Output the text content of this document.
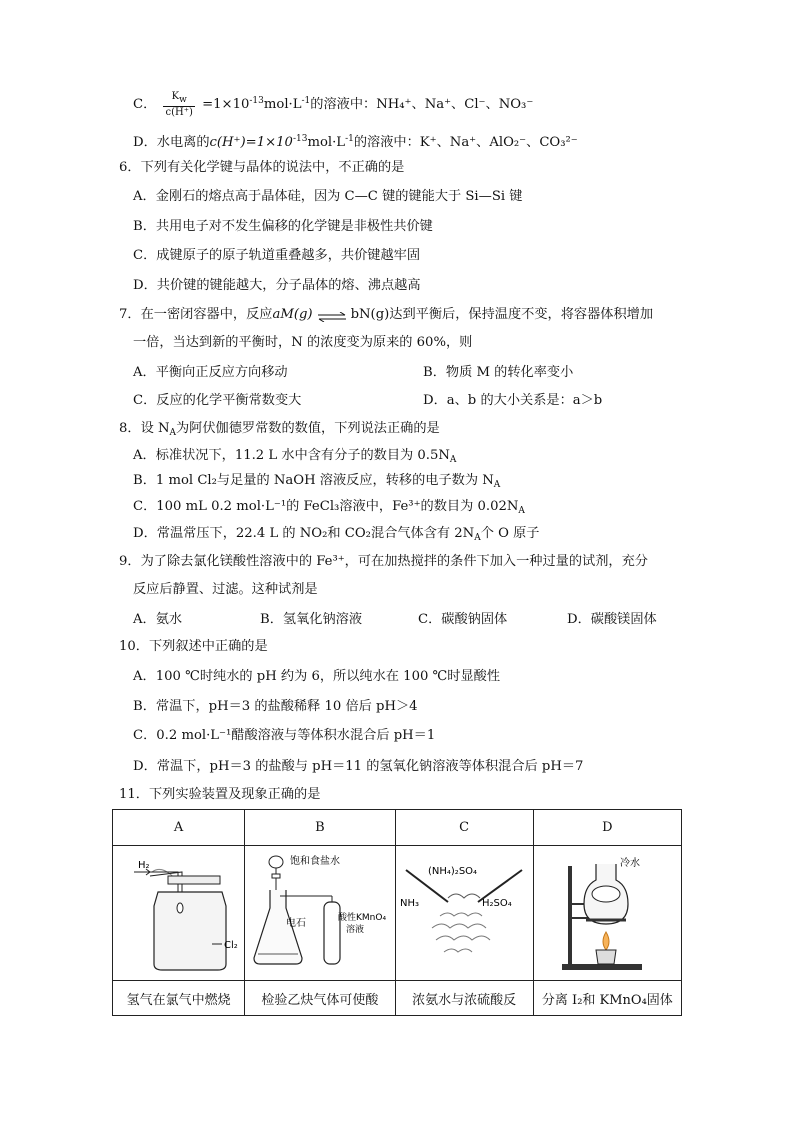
C． $\frac{Kw}{c(H^+)} =1\times 10^{-13}mol\cdot L^{-1}$的溶液中：NH₄⁺、Na⁺、Cl⁻、NO₃⁻
D．水电离的$c(H^+)=1\times 10^{-13}mol\cdot L^{-1}$的溶液中：K⁺、Na⁺、AlO₂⁻、CO₃²⁻
6．下列有关化学键与晶体的说法中，不正确的是
A．金刚石的熔点高于晶体硅，因为 C—C 键的键能大于 Si—Si 键
B．共用电子对不发生偏移的化学键是非极性共价键
C．成键原子的原子轨道重叠越多，共价键越牢固
D．共价键的键能越大，分子晶体的熔、沸点越高
7．在一密闭容器中，反应aM(g) ⇌ bN(g)达到平衡后，保持温度不变，将容器体积增加
一倍，当达到新的平衡时，N 的浓度变为原来的 60%，则
A．平衡向正反应方向移动	B．物质 M 的转化率变小
C．反应的化学平衡常数变大	D．a、b 的大小关系是：a＞b
8．设 $N_A$为阿伏伽德罗常数的数值，下列说法正确的是
A．标准状况下，11.2 L 水中含有分子的数目为 $0.5N_A$
B．1 mol Cl₂与足量的 NaOH 溶液反应，转移的电子数为 $N_A$
C．100 mL 0.2 mol·L⁻¹的 FeCl₃溶液中，Fe³⁺的数目为 $0.02N_A$
D．常温常压下，22.4 L 的 NO₂和 CO₂混合气体含有 $2N_A$个 O 原子
9．为了除去氯化镁酸性溶液中的 Fe³⁺，可在加热搅拌的条件下加入一种过量的试剂，充分
反应后静置、过滤。这种试剂是
A．氨水	B．氢氧化钠溶液	C．碳酸钠固体	D．碳酸镁固体
10．下列叙述中正确的是
A．100 ℃时纯水的 pH 约为 6，所以纯水在 100 ℃时显酸性
B．常温下，pH＝3 的盐酸稀释 10 倍后 pH＞4
C．0.2 mol·L⁻¹醋酸溶液与等体积水混合后 pH＝1
D．常温下，pH＝3 的盐酸与 pH＝11 的氢氧化钠溶液等体积混合后 pH＝7
11．下列实验装置及现象正确的是
A	B	C	D

H₂
Cl₂	饱和食盐水
电石 酸性KMnO₄
溶液	(NH₄)₂SO₄
NH₃ H₂SO₄	冷水

氢气在氯气中燃烧	检验乙炔气体可使酸	浓氨水与浓硫酸反	分离 I₂和 KMnO₄固体
